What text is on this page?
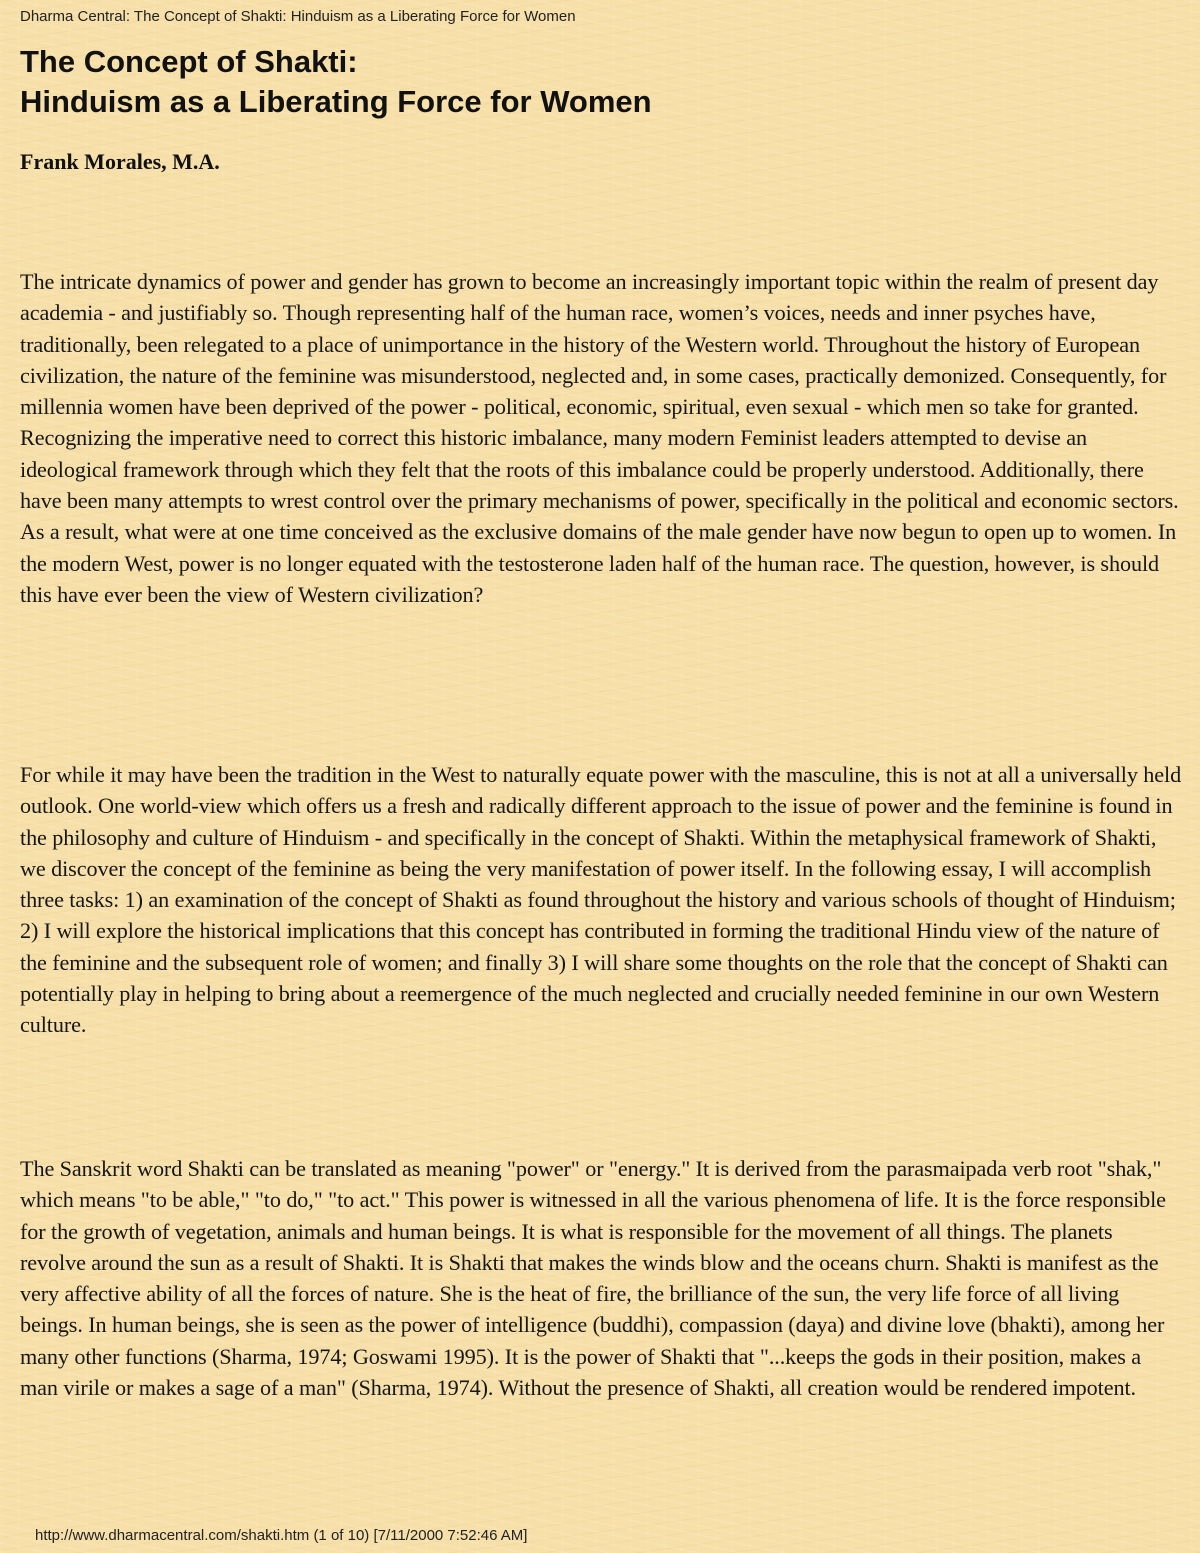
Dharma Central: The Concept of Shakti: Hinduism as a Liberating Force for Women
The Concept of Shakti:
Hinduism as a Liberating Force for Women

Frank Morales, M.A.

The intricate dynamics of power and gender has grown to become an increasingly important topic within the realm of present day academia - and justifiably so. Though representing half of the human race, women’s voices, needs and inner psyches have, traditionally, been relegated to a place of unimportance in the history of the Western world. Throughout the history of European civilization, the nature of the feminine was misunderstood, neglected and, in some cases, practically demonized. Consequently, for millennia women have been deprived of the power - political, economic, spiritual, even sexual - which men so take for granted. Recognizing the imperative need to correct this historic imbalance, many modern Feminist leaders attempted to devise an ideological framework through which they felt that the roots of this imbalance could be properly understood. Additionally, there have been many attempts to wrest control over the primary mechanisms of power, specifically in the political and economic sectors. As a result, what were at one time conceived as the exclusive domains of the male gender have now begun to open up to women. In the modern West, power is no longer equated with the testosterone laden half of the human race. The question, however, is should this have ever been the view of Western civilization?

For while it may have been the tradition in the West to naturally equate power with the masculine, this is not at all a universally held outlook. One world-view which offers us a fresh and radically different approach to the issue of power and the feminine is found in the philosophy and culture of Hinduism - and specifically in the concept of Shakti. Within the metaphysical framework of Shakti, we discover the concept of the feminine as being the very manifestation of power itself. In the following essay, I will accomplish three tasks: 1) an examination of the concept of Shakti as found throughout the history and various schools of thought of Hinduism; 2) I will explore the historical implications that this concept has contributed in forming the traditional Hindu view of the nature of the feminine and the subsequent role of women; and finally 3) I will share some thoughts on the role that the concept of Shakti can potentially play in helping to bring about a reemergence of the much neglected and crucially needed feminine in our own Western culture.

The Sanskrit word Shakti can be translated as meaning "power" or "energy." It is derived from the parasmaipada verb root "shak," which means "to be able," "to do," "to act." This power is witnessed in all the various phenomena of life. It is the force responsible for the growth of vegetation, animals and human beings. It is what is responsible for the movement of all things. The planets revolve around the sun as a result of Shakti. It is Shakti that makes the winds blow and the oceans churn. Shakti is manifest as the very affective ability of all the forces of nature. She is the heat of fire, the brilliance of the sun, the very life force of all living beings. In human beings, she is seen as the power of intelligence (buddhi), compassion (daya) and divine love (bhakti), among her many other functions (Sharma, 1974; Goswami 1995). It is the power of Shakti that "...keeps the gods in their position, makes a man virile or makes a sage of a man" (Sharma, 1974). Without the presence of Shakti, all creation would be rendered impotent.

http://www.dharmacentral.com/shakti.htm (1 of 10) [7/11/2000 7:52:46 AM]
